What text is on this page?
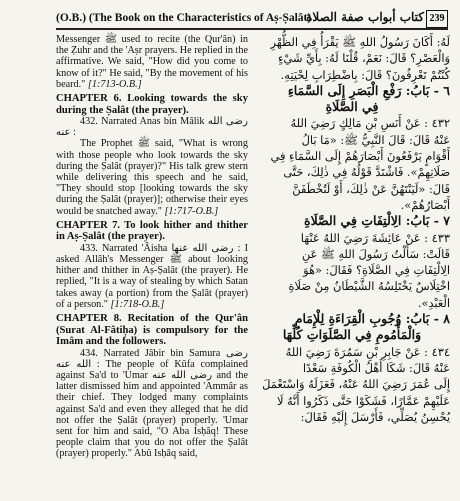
(O.B.) (The Book on the Characteristics of Aṣ-Ṣalât)
كتاب أبواب صفة الصلاة 239

Messenger ﷺ used to recite (the Qur'ân) in the Ẓuhr and the 'Aṣr prayers. He replied in the affirmative. We said, "How did you come to know of it?" He said, "By the movement of his beard." [1:713-O.B.]

CHAPTER 6. Looking towards the sky during the Ṣalât (the prayer).

432. Narrated Anas bin Mâlik رضى الله عنه :

The Prophet ﷺ said, "What is wrong with those people who look towards the sky during the Ṣalât (prayer)?" His talk grew stern while delivering this speech and he said, "They should stop [looking towards the sky during the Ṣalât (prayer)]; otherwise their eyes would be snatched away." [1:717-O.B.]

CHAPTER 7. To look hither and thither in Aṣ-Ṣalât (the prayer).

433. Narrated 'Âisha رضى الله عنها : I asked Allâh's Messenger ﷺ about looking hither and thither in Aṣ-Ṣalât (the prayer). He replied, "It is a way of stealing by which Satan takes away (a portion) from the Ṣalât (prayer) of a person." [1:718-O.B.]

CHAPTER 8. Recitation of the Qur'ân (Surat Al-Fâtiḥa) is compulsory for the Imâm and the followers.

434. Narrated Jâbir bin Samura رضى الله عنه : The people of Kûfa complained against Sa'd to 'Umar رضى الله عنه and the latter dismissed him and appointed 'Ammâr as their chief. They lodged many complaints against Sa'd and even they alleged that he did not offer the Ṣalât (prayer) properly. 'Umar sent for him and said, "O Aba Isḥâq! These people claim that you do not offer the Ṣalât (prayer) properly." Abû Isḥâq said,

لَهُ: أَكَانَ رَسُولُ اللهِ ﷺ يَقْرَأُ فِي الظُّهْرِ

وَالْعَصْرِ؟ قَالَ: نَعَمْ، قُلْنَا لَهُ: بِأَيِّ شَيْءٍ

كُنْتُمْ تَعْرِفُونَ؟ قَالَ: بِاضْطِرَابِ لِحْيَتِهِ.

٦ - بَابُ: رَفْعِ الْبَصَرِ إِلَى السَّمَاءِ

فِي الصَّلَاةِ

٤٣٢ : عَنْ أَنَسِ بْنِ مَالِكٍ رَضِيَ اللهُ

عَنْهُ قَالَ: قَالَ النَّبِيُّ ﷺ: «مَا بَالُ

أَقْوَامٍ يَرْفَعُونَ أَبْصَارَهُمْ إِلَى السَّمَاءِ فِي

صَلَاتِهِمْ». فَاشْتَدَّ قَوْلُهُ فِي ذٰلِكَ، حَتَّى

قَالَ: «لَيَنْتَهُنَّ عَنْ ذٰلِكَ، أَوْ لَتُخْطَفَنَّ

أَبْصَارُهُمْ».

٧ - بَابُ: الِالْتِفَاتِ فِي الصَّلَاةِ

٤٣٣ : عَنْ عَائِشَةَ رَضِيَ اللهُ عَنْهَا

قَالَتْ: سَأَلْتُ رَسُولَ اللهِ ﷺ عَنِ

الِالْتِفَاتِ فِي الصَّلَاةِ؟ فَقَالَ: «هُوَ

اخْتِلَاسٌ يَخْتَلِسُهُ الشَّيْطَانُ مِنْ صَلَاةِ

الْعَبْدِ».

٨ - بَابُ: وُجُوبِ الْقِرَاءَةِ لِلْإِمَامِ

وَالْمَأْمُومِ فِي الصَّلَوَاتِ كُلِّهَا

٤٣٤ : عَنْ جَابِرِ بْنِ سَمُرَةَ رَضِيَ اللهُ

عَنْهُ قَالَ: شَكَا أَهْلُ الْكُوفَةِ سَعْدًا

إِلَى عُمَرَ رَضِيَ اللهُ عَنْهُ، فَعَزَلَهُ وَاسْتَعْمَلَ

عَلَيْهِمْ عَمَّارًا، فَشَكَوْا حَتَّى ذَكَرُوا أَنَّهُ لَا

يُحْسِنُ يُصَلِّي، فَأَرْسَلَ إِلَيْهِ فَقَالَ:
